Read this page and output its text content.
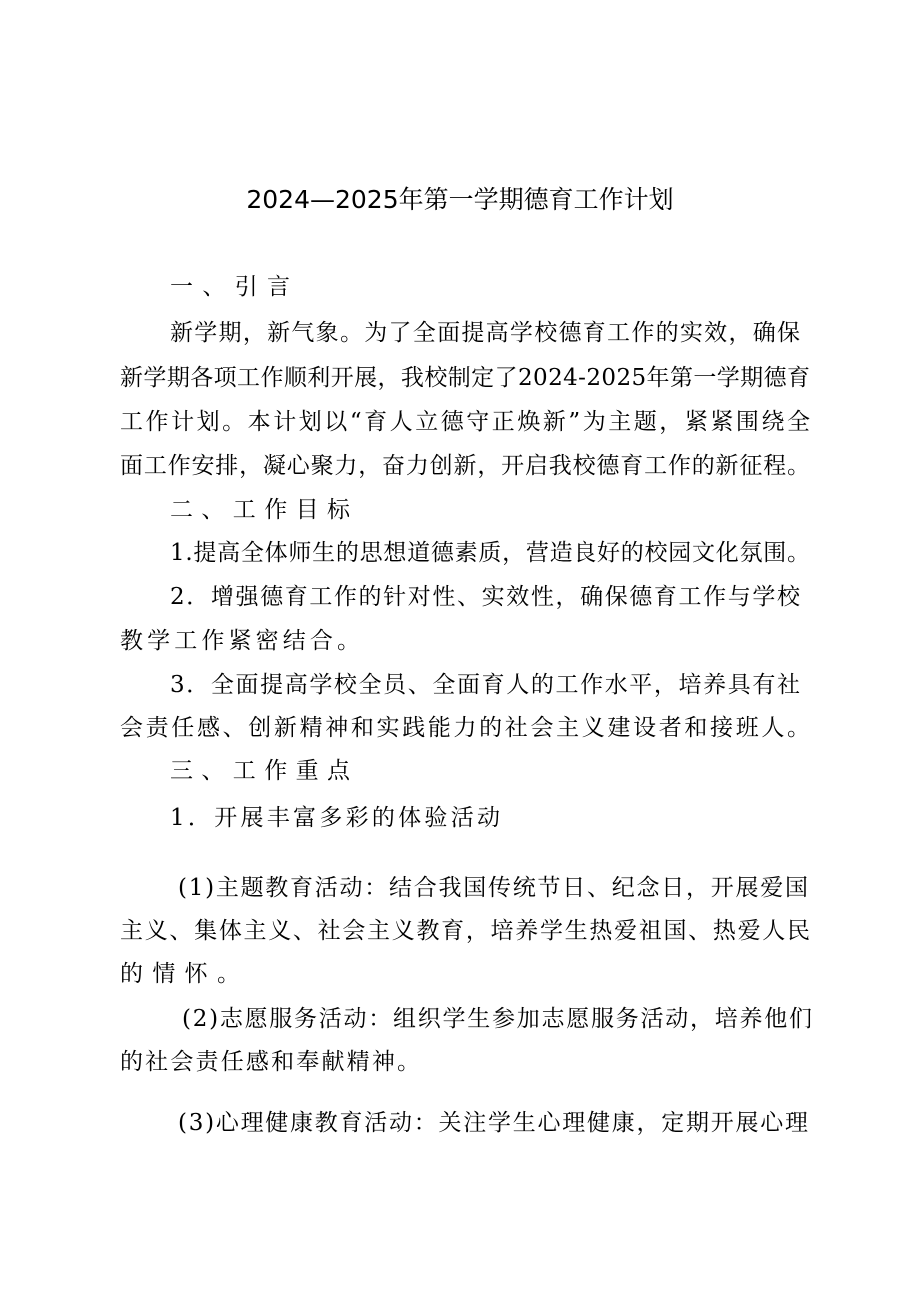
2024—2025年第一学期德育工作计划
一、引言
新学期，新气象。为了全面提高学校德育工作的实效，确保
新学期各项工作顺利开展，我校制定了2024-2025年第一学期德育
工作计划。本计划以“育人立德守正焕新”为主题，紧紧围绕全
面工作安排，凝心聚力，奋力创新，开启我校德育工作的新征程。
二、工作目标
1.提高全体师生的思想道德素质，营造良好的校园文化氛围。
2．增强德育工作的针对性、实效性，确保德育工作与学校
教学工作紧密结合。
3．全面提高学校全员、全面育人的工作水平，培养具有社
会责任感、创新精神和实践能力的社会主义建设者和接班人。
三、工作重点
1．开展丰富多彩的体验活动
(1)主题教育活动：结合我国传统节日、纪念日，开展爱国
主义、集体主义、社会主义教育，培养学生热爱祖国、热爱人民
的情怀。
(2)志愿服务活动：组织学生参加志愿服务活动，培养他们
的社会责任感和奉献精神。
(3)心理健康教育活动：关注学生心理健康，定期开展心理
